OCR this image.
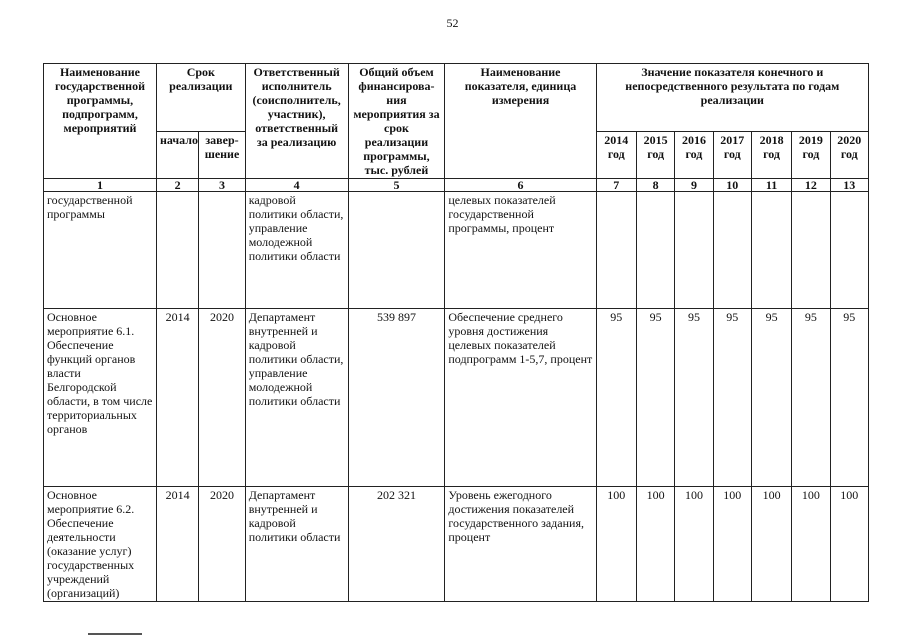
52
Наименование государственной программы, подпрограмм, мероприятий	Срок реализации		Ответственный исполнитель (соисполнитель, участник), ответственный за реализацию	Общий объем финансирова- ния мероприятия за срок реализации программы, тыс. рублей	Наименование показателя, единица измерения	Значение показателя конечного и непосредственного результата по годам реализации						
	начало	завер- шение				2014 год	2015 год	2016 год	2017 год	2018 год	2019 год	2020 год
1	2	3	4	5	6	7	8	9	10	11	12	13
государственной программы			кадровой политики области, управление молодежной политики области		целевых показателей государственной программы, процент							
Основное мероприятие 6.1. Обеспечение функций органов власти Белгородской области, в том числе территориальных органов	2014	2020	Департамент внутренней и кадровой политики области, управление молодежной политики области	539 897	Обеспечение среднего уровня достижения целевых показателей подпрограмм 1-5,7, процент	95	95	95	95	95	95	95
Основное мероприятие 6.2. Обеспечение деятельности (оказание услуг) государственных учреждений (организаций)	2014	2020	Департамент внутренней и кадровой политики области	202 321	Уровень ежегодного достижения показателей государственного задания, процент	100	100	100	100	100	100	100
